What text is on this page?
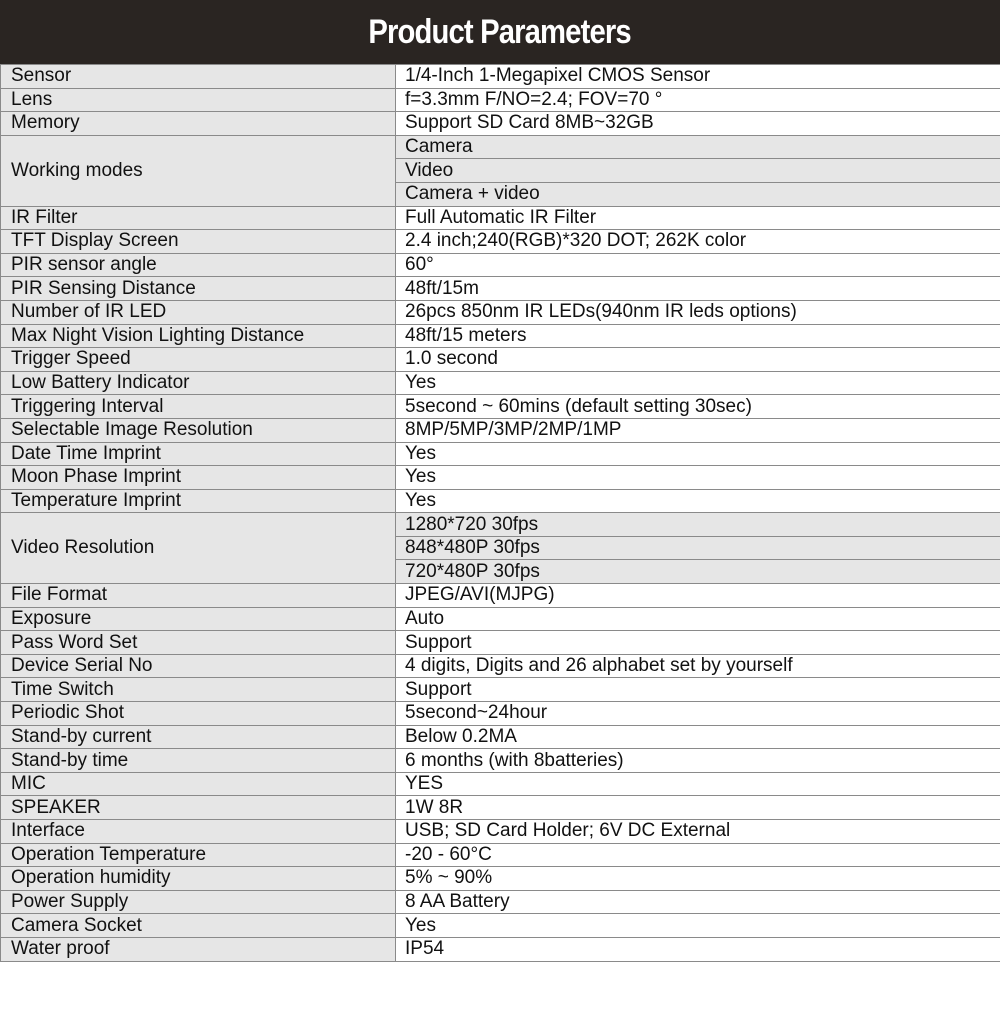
Product Parameters
Sensor	1/4-Inch 1-Megapixel CMOS Sensor
Lens	f=3.3mm F/NO=2.4; FOV=70 °
Memory	Support SD Card 8MB~32GB
Working modes	Camera
	Video
	Camera + video
IR Filter	Full Automatic IR Filter
TFT Display Screen	2.4 inch;240(RGB)*320 DOT; 262K color
PIR sensor angle	60°
PIR Sensing Distance	48ft/15m
Number of IR LED	26pcs 850nm IR LEDs(940nm IR leds options)
Max Night Vision Lighting Distance	48ft/15 meters
Trigger Speed	1.0 second
Low Battery Indicator	Yes
Triggering Interval	5second ~ 60mins (default setting 30sec)
Selectable Image Resolution	8MP/5MP/3MP/2MP/1MP
Date Time Imprint	Yes
Moon Phase Imprint	Yes
Temperature Imprint	Yes
Video Resolution	1280*720 30fps
	848*480P 30fps
	720*480P 30fps
File Format	JPEG/AVI(MJPG)
Exposure	Auto
Pass Word Set	Support
Device Serial No	4 digits, Digits and 26 alphabet set by yourself
Time Switch	Support
Periodic Shot	5second~24hour
Stand-by current	Below 0.2MA
Stand-by time	6 months (with 8batteries)
MIC	YES
SPEAKER	1W 8R
Interface	USB; SD Card Holder; 6V DC External
Operation Temperature	-20 - 60°C
Operation humidity	5% ~ 90%
Power Supply	8 AA Battery
Camera Socket	Yes
Water proof	IP54
